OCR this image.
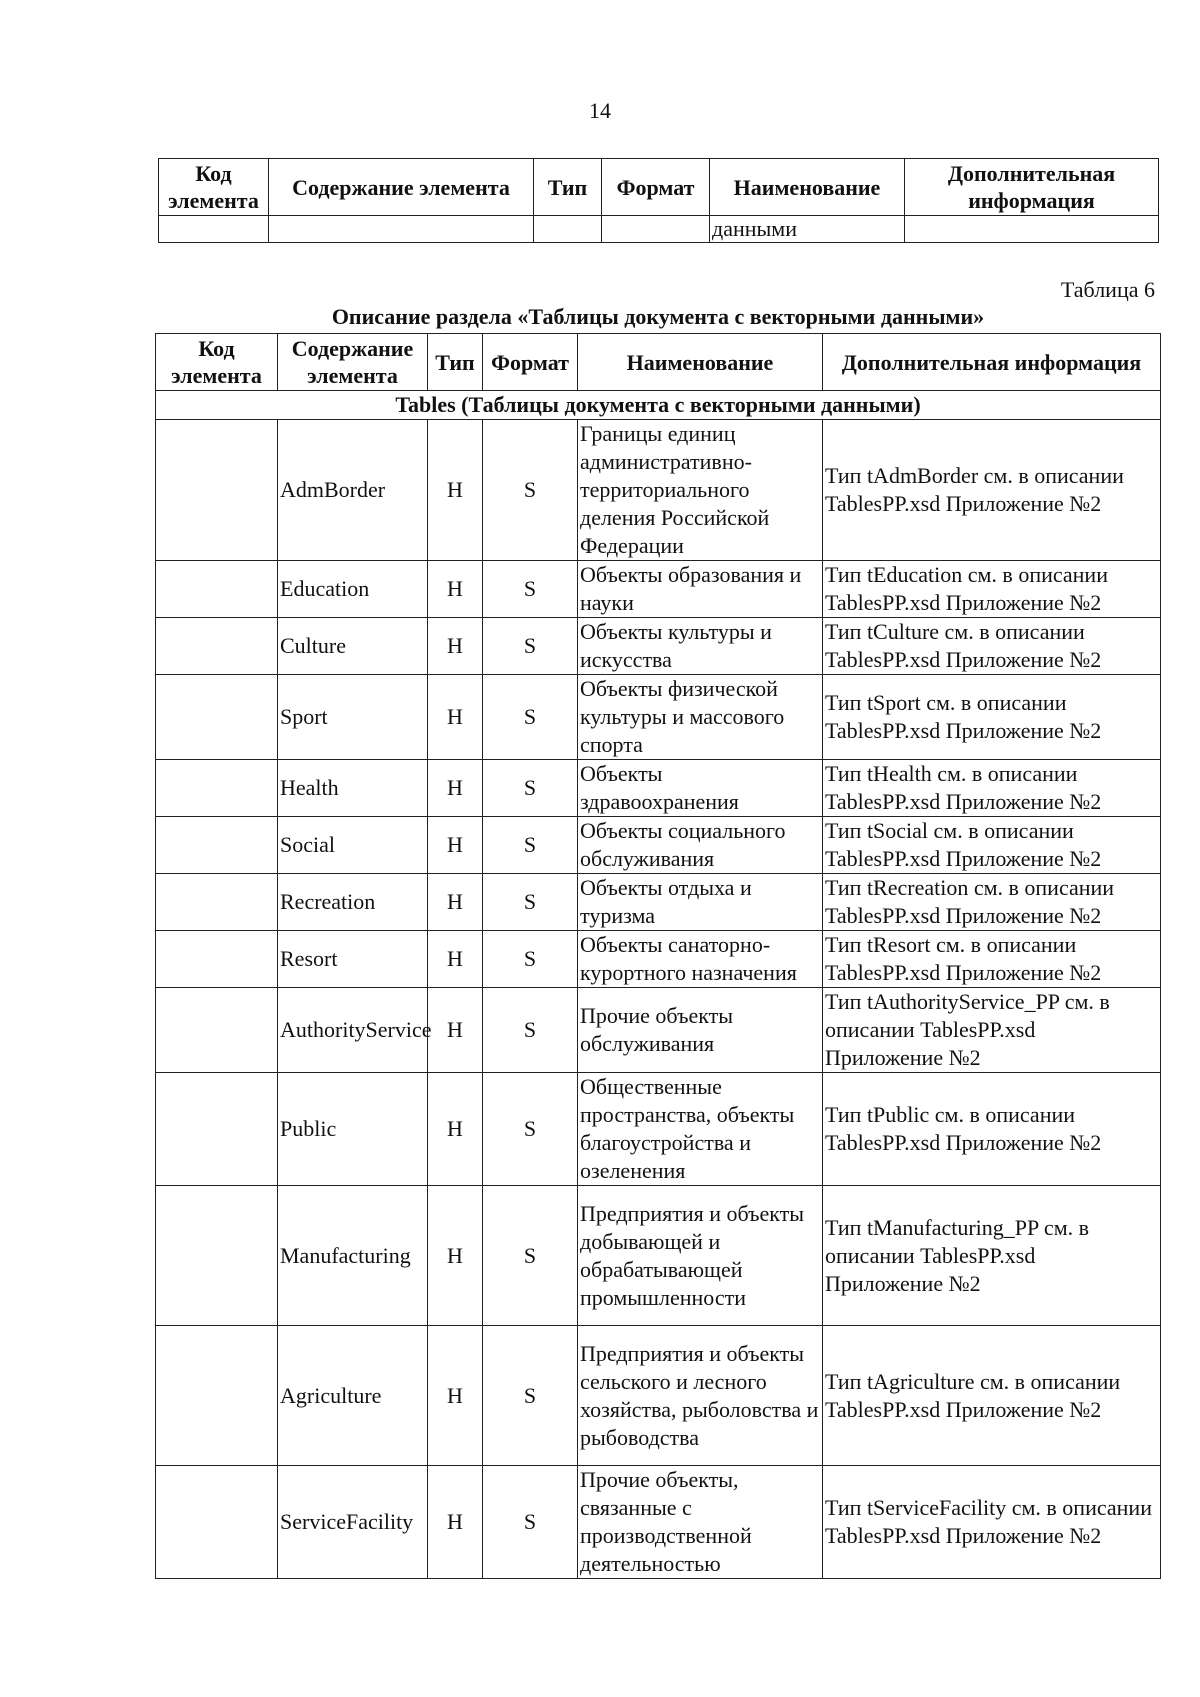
14
Код элемента	Содержание элемента	Тип	Формат	Наименование	Дополнительная информация
				данными	
Таблица 6
Описание раздела «Таблицы документа с векторными данными»
Код элемента	Содержание элемента	Тип	Формат	Наименование	Дополнительная информация
Tables (Таблицы документа с векторными данными)					
	AdmBorder	Н	S	Границы единиц административно-территориального деления Российской Федерации	Тип tAdmBorder см. в описании TablesPP.xsd Приложение №2
	Education	Н	S	Объекты образования и науки	Тип tEducation см. в описании TablesPP.xsd Приложение №2
	Culture	Н	S	Объекты культуры и искусства	Тип tCulture см. в описании TablesPP.xsd Приложение №2
	Sport	Н	S	Объекты физической культуры и массового спорта	Тип tSport см. в описании TablesPP.xsd Приложение №2
	Health	Н	S	Объекты здравоохранения	Тип tHealth см. в описании TablesPP.xsd Приложение №2
	Social	Н	S	Объекты социального обслуживания	Тип tSocial см. в описании TablesPP.xsd Приложение №2
	Recreation	Н	S	Объекты отдыха и туризма	Тип tRecreation см. в описании TablesPP.xsd Приложение №2
	Resort	Н	S	Объекты санаторно-курортного назначения	Тип tResort см. в описании TablesPP.xsd Приложение №2
	AuthorityService	Н	S	Прочие объекты обслуживания	Тип tAuthorityService_PP см. в описании TablesPP.xsd Приложение №2
	Public	Н	S	Общественные пространства, объекты благоустройства и озеленения	Тип tPublic см. в описании TablesPP.xsd Приложение №2
	Manufacturing	Н	S	Предприятия и объекты добывающей и обрабатывающей промышленности	Тип tManufacturing_PP см. в описании TablesPP.xsd Приложение №2
	Agriculture	Н	S	Предприятия и объекты сельского и лесного хозяйства, рыболовства и рыбоводства	Тип tAgriculture см. в описании TablesPP.xsd Приложение №2
	ServiceFacility	Н	S	Прочие объекты, связанные с производственной деятельностью	Тип tServiceFacility см. в описании TablesPP.xsd Приложение №2
